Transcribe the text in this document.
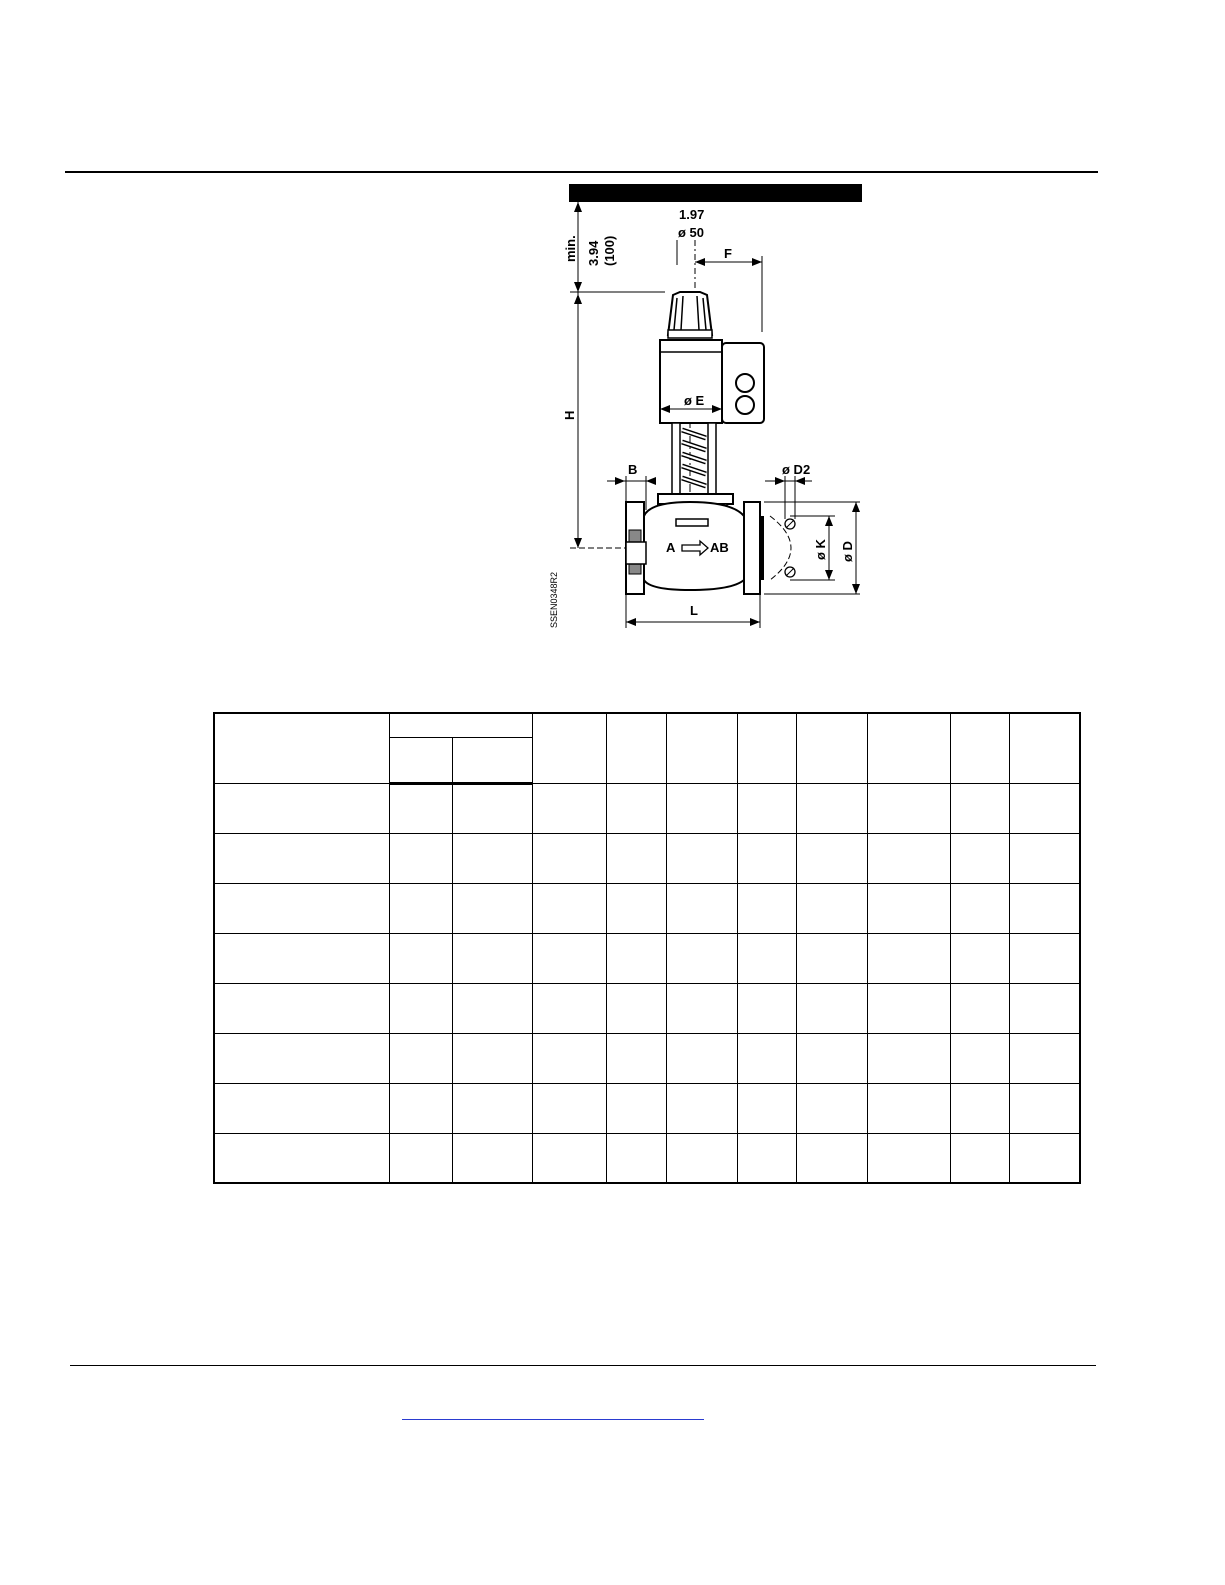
min. 3.94 (100)
H
1.97
ø 50
F
ø E
B
A	AB
ø D2
ø K ø D
L
SSEN0348R2
